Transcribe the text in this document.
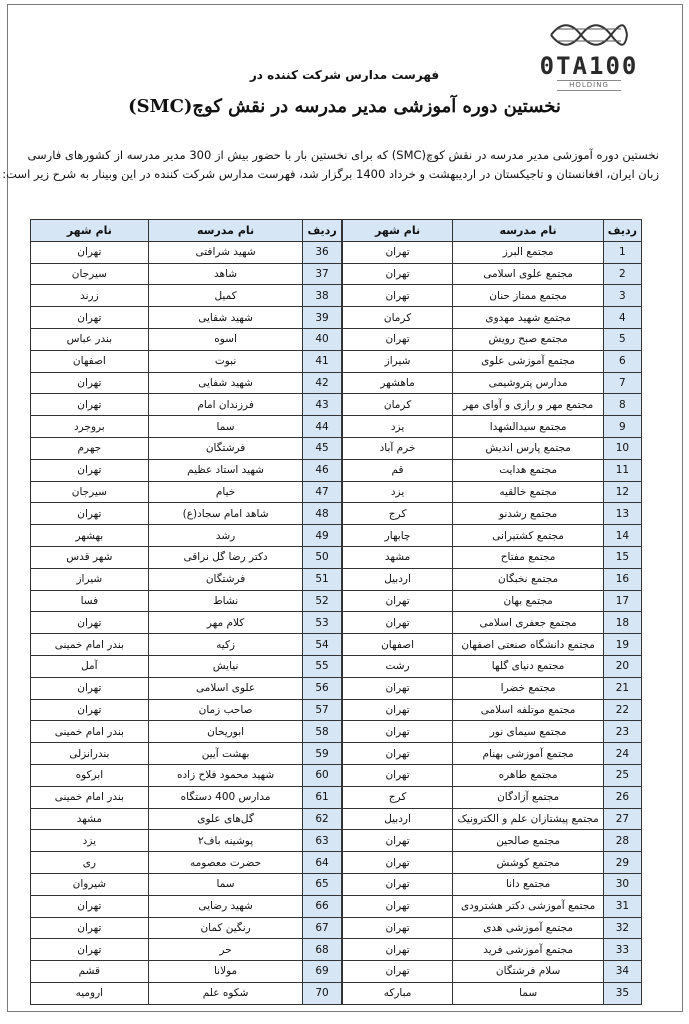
0TA100
HOLDING
فهرست مدارس شرکت کننده در
نخستین دوره آموزشی مدیر مدرسه در نقش کوچ(SMC)

نخستین دوره آموزشی مدیر مدرسه در نقش کوچ(SMC) که برای نخستین بار با حضور بیش از 300 مدیر مدرسه از کشورهای فارسی

زبان ایران، افغانستان و تاجیکستان در اردیبهشت و خرداد 1400 برگزار شد، فهرست مدارس شرکت کننده در این وبینار به شرح زیر است:

ردیف	نام مدرسه	نام شهر
1	مجتمع البرز	تهران
2	مجتمع علوی اسلامی	تهران
3	مجتمع ممتاز حنان	تهران
4	مجتمع شهید مهدوی	کرمان
5	مجتمع صبح رویش	تهران
6	مجتمع آموزشی علوی	شیراز
7	مدارس پتروشیمی	ماهشهر
8	مجتمع مهر و رازی و آوای مهر	کرمان
9	مجتمع سیدالشهدا	یزد
10	مجتمع پارس اندیش	خرم آباد
11	مجتمع هدایت	قم
12	مجتمع خالقیه	یزد
13	مجتمع رشدنو	کرج
14	مجتمع کشتیرانی	چابهار
15	مجتمع مفتاح	مشهد
16	مجتمع نخبگان	اردبیل
17	مجتمع بهان	تهران
18	مجتمع جعفری اسلامی	تهران
19	مجتمع دانشگاه صنعتی اصفهان	اصفهان
20	مجتمع دنیای گلها	رشت
21	مجتمع خضرا	تهران
22	مجتمع موتلفه اسلامی	تهران
23	مجتمع سیمای نور	تهران
24	مجتمع آموزشی بهنام	تهران
25	مجتمع طاهره	تهران
26	مجتمع آزادگان	کرج
27	مجتمع پیشتازان علم و الکترونیک	اردبیل
28	مجتمع صالحین	تهران
29	مجتمع کوشش	تهران
30	مجتمع دانا	تهران
31	مجتمع آموزشی دکتر هشترودی	تهران
32	مجتمع آموزشی هدی	تهران
33	مجتمع آموزشی فرید	تهران
34	سلام فرشتگان	تهران
35	سما	مبارکه
ردیف	نام مدرسه	نام شهر
36	شهید شرافتی	تهران
37	شاهد	سیرجان
38	کمیل	زرند
39	شهید شفایی	تهران
40	اسوه	بندر عباس
41	نبوت	اصفهان
42	شهید شفایی	تهران
43	فرزندان امام	تهران
44	سما	بروجرد
45	فرشتگان	جهرم
46	شهید استاد عظیم	تهران
47	خیام	سیرجان
48	شاهد امام سجاد(ع)	تهران
49	رشد	بهشهر
50	دکتر رضا گل نراقی	شهر قدس
51	فرشتگان	شیراز
52	نشاط	فسا
53	کلام مهر	تهران
54	زکیه	بندر امام خمینی
55	نیایش	آمل
56	علوی اسلامی	تهران
57	صاحب زمان	تهران
58	ابوریحان	بندر امام خمینی
59	بهشت آیین	بندرانزلی
60	شهید محمود فلاح زاده	ابرکوه
61	مدارس 400 دستگاه	بندر امام خمینی
62	گل‌های علوی	مشهد
63	پوشینه باف۲	یزد
64	حضرت معصومه	ری
65	سما	شیروان
66	شهید رضایی	تهران
67	رنگین کمان	تهران
68	حر	تهران
69	مولانا	قشم
70	شکوه علم	ارومیه
